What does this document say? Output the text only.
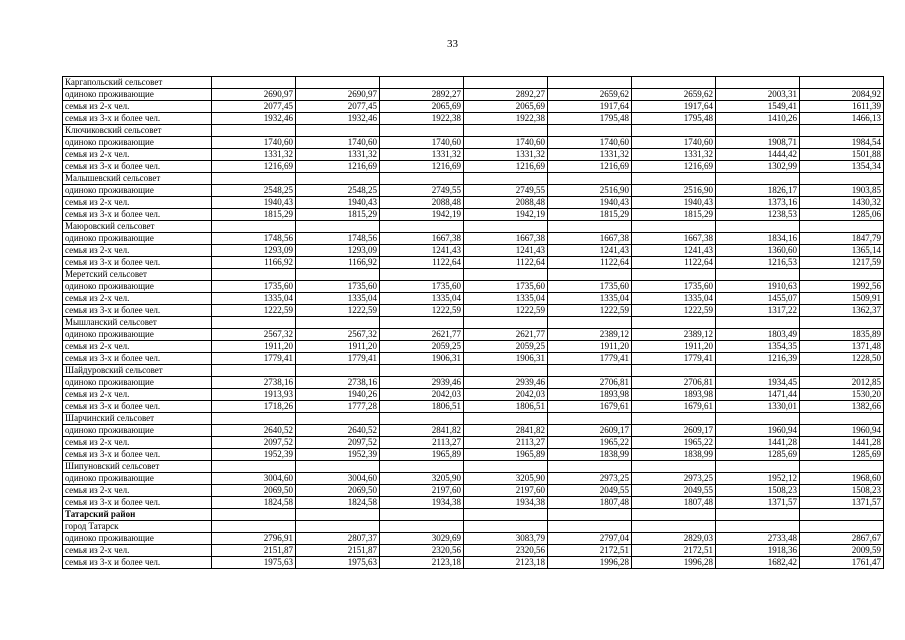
33
Каргапольский сельсовет								
одиноко проживающие	2690,97	2690,97	2892,27	2892,27	2659,62	2659,62	2003,31	2084,92
семья из 2-х чел.	2077,45	2077,45	2065,69	2065,69	1917,64	1917,64	1549,41	1611,39
семья из 3-х и более чел.	1932,46	1932,46	1922,38	1922,38	1795,48	1795,48	1410,26	1466,13
Ключиковский сельсовет								
одиноко проживающие	1740,60	1740,60	1740,60	1740,60	1740,60	1740,60	1908,71	1984,54
семья из 2-х чел.	1331,32	1331,32	1331,32	1331,32	1331,32	1331,32	1444,42	1501,88
семья из 3-х и более чел.	1216,69	1216,69	1216,69	1216,69	1216,69	1216,69	1302,99	1354,34
Малышевский сельсовет								
одиноко проживающие	2548,25	2548,25	2749,55	2749,55	2516,90	2516,90	1826,17	1903,85
семья из 2-х чел.	1940,43	1940,43	2088,48	2088,48	1940,43	1940,43	1373,16	1430,32
семья из 3-х и более чел.	1815,29	1815,29	1942,19	1942,19	1815,29	1815,29	1238,53	1285,06
Маюровский сельсовет								
одиноко проживающие	1748,56	1748,56	1667,38	1667,38	1667,38	1667,38	1834,16	1847,79
семья из 2-х чел.	1293,09	1293,09	1241,43	1241,43	1241,43	1241,43	1360,60	1365,14
семья из 3-х и более чел.	1166,92	1166,92	1122,64	1122,64	1122,64	1122,64	1216,53	1217,59
Меретский сельсовет								
одиноко проживающие	1735,60	1735,60	1735,60	1735,60	1735,60	1735,60	1910,63	1992,56
семья из 2-х чел.	1335,04	1335,04	1335,04	1335,04	1335,04	1335,04	1455,07	1509,91
семья из 3-х и более чел.	1222,59	1222,59	1222,59	1222,59	1222,59	1222,59	1317,22	1362,37
Мышланский сельсовет								
одиноко проживающие	2567,32	2567,32	2621,77	2621,77	2389,12	2389,12	1803,49	1835,89
семья из 2-х чел.	1911,20	1911,20	2059,25	2059,25	1911,20	1911,20	1354,35	1371,48
семья из 3-х и более чел.	1779,41	1779,41	1906,31	1906,31	1779,41	1779,41	1216,39	1228,50
Шайдуровский сельсовет								
одиноко проживающие	2738,16	2738,16	2939,46	2939,46	2706,81	2706,81	1934,45	2012,85
семья из 2-х чел.	1913,93	1940,26	2042,03	2042,03	1893,98	1893,98	1471,44	1530,20
семья из 3-х и более чел.	1718,26	1777,28	1806,51	1806,51	1679,61	1679,61	1330,01	1382,66
Шарчинский сельсовет								
одиноко проживающие	2640,52	2640,52	2841,82	2841,82	2609,17	2609,17	1960,94	1960,94
семья из 2-х чел.	2097,52	2097,52	2113,27	2113,27	1965,22	1965,22	1441,28	1441,28
семья из 3-х и более чел.	1952,39	1952,39	1965,89	1965,89	1838,99	1838,99	1285,69	1285,69
Шипуновский сельсовет								
одиноко проживающие	3004,60	3004,60	3205,90	3205,90	2973,25	2973,25	1952,12	1968,60
семья из 2-х чел.	2069,50	2069,50	2197,60	2197,60	2049,55	2049,55	1508,23	1508,23
семья из 3-х и более чел.	1824,58	1824,58	1934,38	1934,38	1807,48	1807,48	1371,57	1371,57
Татарский район								
город Татарск								
одиноко проживающие	2796,91	2807,37	3029,69	3083,79	2797,04	2829,03	2733,48	2867,67
семья из 2-х чел.	2151,87	2151,87	2320,56	2320,56	2172,51	2172,51	1918,36	2009,59
семья из 3-х и более чел.	1975,63	1975,63	2123,18	2123,18	1996,28	1996,28	1682,42	1761,47
